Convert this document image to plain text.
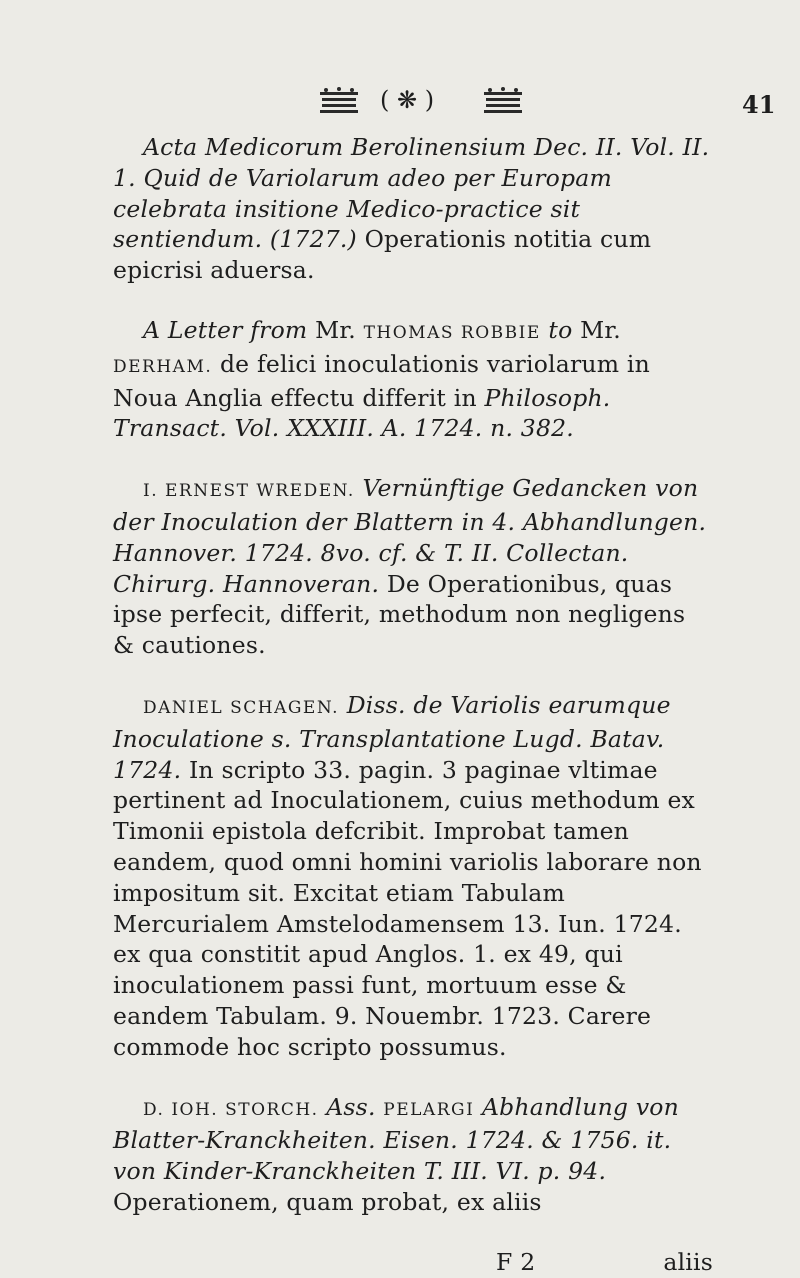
( ❋ )	41

Acta Medicorum Berolinensium Dec. II. Vol. II. 1. Quid de Variolarum adeo per Europam celebrata insitione Medico-practice sit sentiendum. (1727.) Operationis notitia cum epicrisi aduersa.

A Letter from Mr. THOMAS ROBBIE to Mr. DERHAM. de felici inoculationis variolarum in Noua Anglia effectu differit in Philosoph. Transact. Vol. XXXIII. A. 1724. n. 382.

I. ERNEST WREDEN. Vernünftige Gedancken von der Inoculation der Blattern in 4. Abhandlungen. Hannover. 1724. 8vo. cf. & T. II. Collectan. Chirurg. Hannoveran. De Operationibus, quas ipse perfecit, differit, methodum non negligens & cautiones.

DANIEL SCHAGEN. Diss. de Variolis earumque Inoculatione s. Transplantatione Lugd. Batav. 1724. In scripto 33. pagin. 3 paginae vltimae pertinent ad Inoculationem, cuius methodum ex Timonii epistola defcribit. Improbat tamen eandem, quod omni homini variolis laborare non impositum sit. Excitat etiam Tabulam Mercurialem Amstelodamensem 13. Iun. 1724. ex qua constitit apud Anglos. 1. ex 49, qui inoculationem passi funt, mortuum esse & eandem Tabulam. 9. Nouembr. 1723. Carere commode hoc scripto possumus.

D. IOH. STORCH. Ass. PELARGI Abhandlung von Blatter-Kranckheiten. Eisen. 1724. & 1756. it. von Kinder-Kranckheiten T. III. VI. p. 94. Operationem, quam probat, ex aliis

F 2	aliis
